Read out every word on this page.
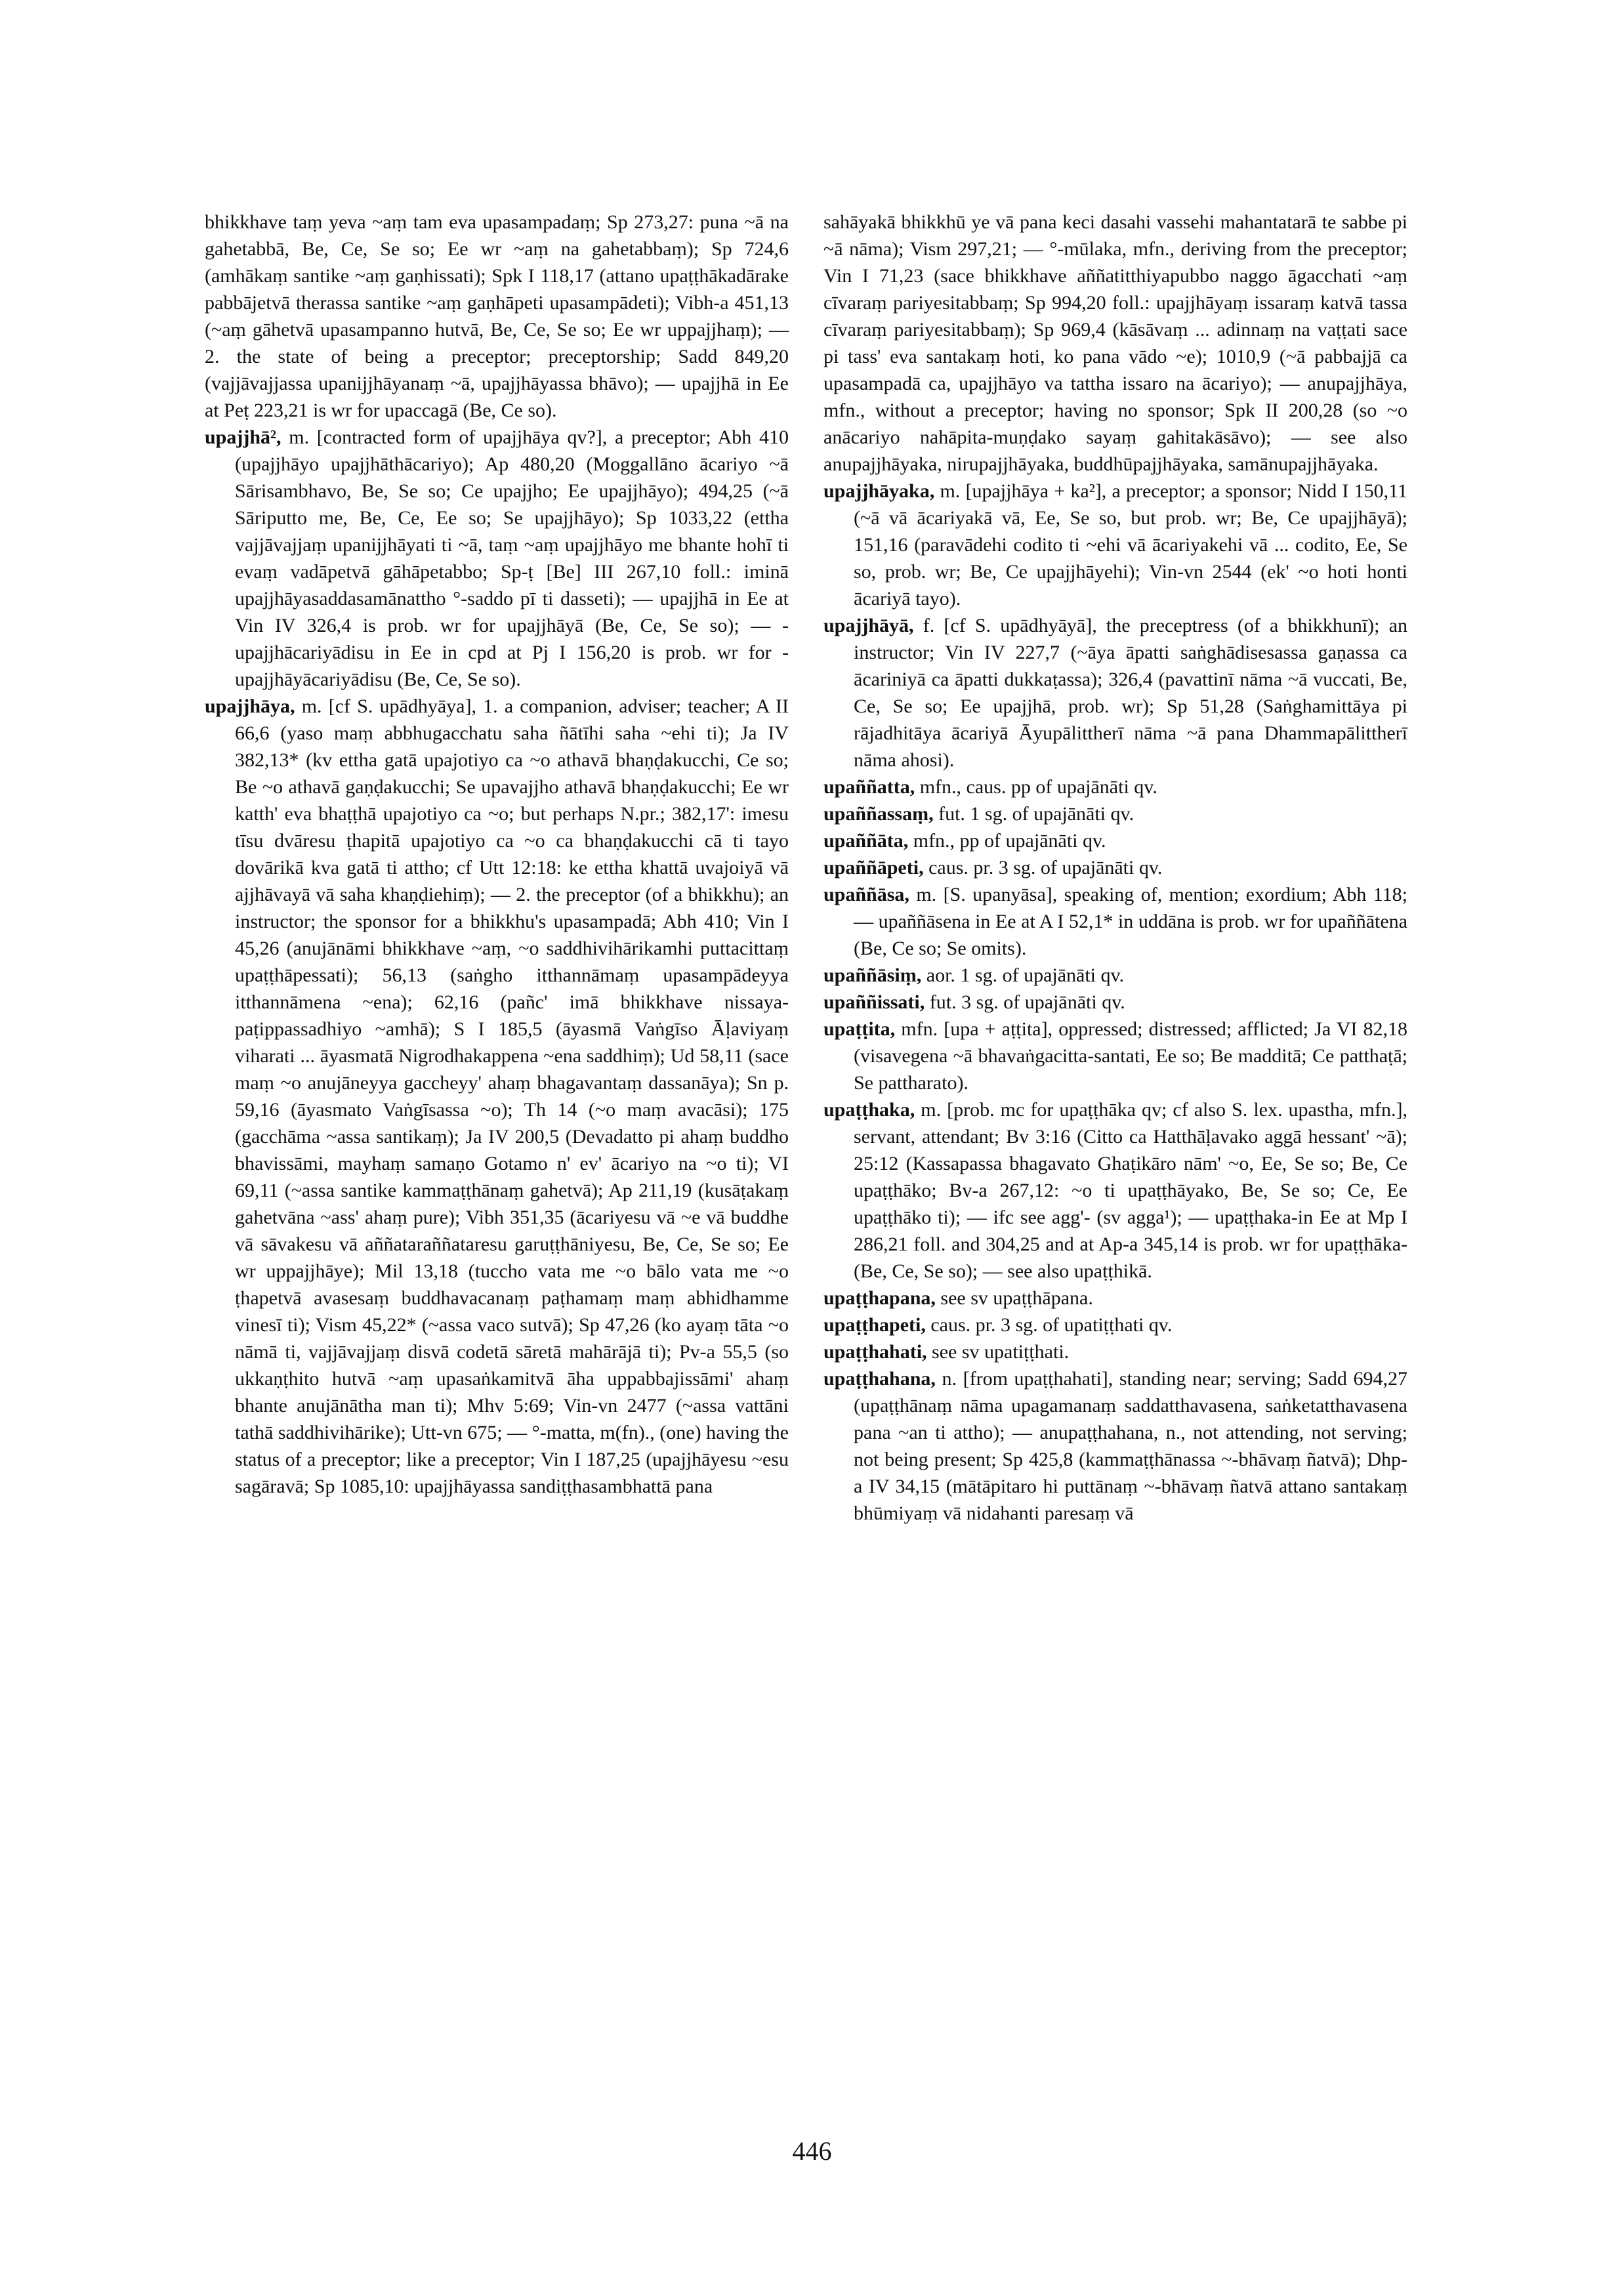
bhikkhave taṃ yeva ~aṃ tam eva upasampadaṃ; Sp 273,27: puna ~ā na gahetabbā, Be, Ce, Se so; Ee wr ~aṃ na gahetabbaṃ); Sp 724,6 (amhākaṃ santike ~aṃ gaṇhissati); Spk I 118,17 (attano upaṭṭhākadārake pabbājetvā therassa santike ~aṃ gaṇhāpeti upasampādeti); Vibh-a 451,13 (~aṃ gāhetvā upasampanno hutvā, Be, Ce, Se so; Ee wr uppajjhaṃ); — 2. the state of being a preceptor; preceptorship; Sadd 849,20 (vajjāvajjassa upanijjhāyanaṃ ~ā, upajjhāyassa bhāvo); — upajjhā in Ee at Peṭ 223,21 is wr for upaccagā (Be, Ce so).

upajjhā², m. [contracted form of upajjhāya qv?], a preceptor; Abh 410 (upajjhāyo upajjhāthācariyo); Ap 480,20 (Moggallāno ācariyo ~ā Sārisambhavo, Be, Se so; Ce upajjho; Ee upajjhāyo); 494,25 (~ā Sāriputto me, Be, Ce, Ee so; Se upajjhāyo); Sp 1033,22 (ettha vajjāvajjaṃ upanijjhāyati ti ~ā, taṃ ~aṃ upajjhāyo me bhante hohī ti evaṃ vadāpetvā gāhāpetabbo; Sp-ṭ [Be] III 267,10 foll.: iminā upajjhāyasaddasamānattho °-saddo pī ti dasseti); — upajjhā in Ee at Vin IV 326,4 is prob. wr for upajjhāyā (Be, Ce, Se so); — -upajjhācariyādisu in Ee in cpd at Pj I 156,20 is prob. wr for -upajjhāyācariyādisu (Be, Ce, Se so).

upajjhāya, m. [cf S. upādhyāya], 1. a companion, adviser; teacher; A II 66,6 (yaso maṃ abbhugacchatu saha ñātīhi saha ~ehi ti); Ja IV 382,13* (kv ettha gatā upajotiyo ca ~o athavā bhaṇḍakucchi, Ce so; Be ~o athavā gaṇḍakucchi; Se upavajjho athavā bhaṇḍakucchi; Ee wr katth' eva bhaṭṭhā upajotiyo ca ~o; but perhaps N.pr.; 382,17': imesu tīsu dvāresu ṭhapitā upajotiyo ca ~o ca bhaṇḍakucchi cā ti tayo dovārikā kva gatā ti attho; cf Utt 12:18: ke ettha khattā uvajoiyā vā ajjhāvayā vā saha khaṇḍiehiṃ); — 2. the preceptor (of a bhikkhu); an instructor; the sponsor for a bhikkhu's upasampadā; Abh 410; Vin I 45,26 (anujānāmi bhikkhave ~aṃ, ~o saddhivihārikamhi puttacittaṃ upaṭṭhāpessati); 56,13 (saṅgho itthannāmaṃ upasampādeyya itthannāmena ~ena); 62,16 (pañc' imā bhikkhave nissaya-paṭippassadhiyo ~amhā); S I 185,5 (āyasmā Vaṅgīso Āḷaviyaṃ viharati ... āyasmatā Nigrodhakappena ~ena saddhiṃ); Ud 58,11 (sace maṃ ~o anujāneyya gaccheyy' ahaṃ bhagavantaṃ dassanāya); Sn p. 59,16 (āyasmato Vaṅgīsassa ~o); Th 14 (~o maṃ avacāsi); 175 (gacchāma ~assa santikaṃ); Ja IV 200,5 (Devadatto pi ahaṃ buddho bhavissāmi, mayhaṃ samaṇo Gotamo n' ev' ācariyo na ~o ti); VI 69,11 (~assa santike kammaṭṭhānaṃ gahetvā); Ap 211,19 (kusāṭakaṃ gahetvāna ~ass' ahaṃ pure); Vibh 351,35 (ācariyesu vā ~e vā buddhe vā sāvakesu vā aññataraññataresu garuṭṭhāniyesu, Be, Ce, Se so; Ee wr uppajjhāye); Mil 13,18 (tuccho vata me ~o bālo vata me ~o ṭhapetvā avasesaṃ buddhavacanaṃ paṭhamaṃ maṃ abhidhamme vinesī ti); Vism 45,22* (~assa vaco sutvā); Sp 47,26 (ko ayaṃ tāta ~o nāmā ti, vajjāvajjaṃ disvā codetā sāretā mahārājā ti); Pv-a 55,5 (so ukkaṇṭhito hutvā ~aṃ upasaṅkamitvā āha uppabbajissāmi' ahaṃ bhante anujānātha man ti); Mhv 5:69; Vin-vn 2477 (~assa vattāni tathā saddhivihārike); Utt-vn 675; — °-matta, m(fn)., (one) having the status of a preceptor; like a preceptor; Vin I 187,25 (upajjhāyesu ~esu sagāravā; Sp 1085,10: upajjhāyassa sandiṭṭhasambhattā pana

sahāyakā bhikkhū ye vā pana keci dasahi vassehi mahantatarā te sabbe pi ~ā nāma); Vism 297,21; — °-mūlaka, mfn., deriving from the preceptor; Vin I 71,23 (sace bhikkhave aññatitthiyapubbo naggo āgacchati ~aṃ cīvaraṃ pariyesitabbaṃ; Sp 994,20 foll.: upajjhāyaṃ issaraṃ katvā tassa cīvaraṃ pariyesitabbaṃ); Sp 969,4 (kāsāvaṃ ... adinnaṃ na vaṭṭati sace pi tass' eva santakaṃ hoti, ko pana vādo ~e); 1010,9 (~ā pabbajjā ca upasampadā ca, upajjhāyo va tattha issaro na ācariyo); — anupajjhāya, mfn., without a preceptor; having no sponsor; Spk II 200,28 (so ~o anācariyo nahāpita-muṇḍako sayaṃ gahitakāsāvo); — see also anupajjhāyaka, nirupajjhāyaka, buddhūpajjhāyaka, samānupajjhāyaka.

upajjhāyaka, m. [upajjhāya + ka²], a preceptor; a sponsor; Nidd I 150,11 (~ā vā ācariyakā vā, Ee, Se so, but prob. wr; Be, Ce upajjhāyā); 151,16 (paravādehi codito ti ~ehi vā ācariyakehi vā ... codito, Ee, Se so, prob. wr; Be, Ce upajjhāyehi); Vin-vn 2544 (ek' ~o hoti honti ācariyā tayo).

upajjhāyā, f. [cf S. upādhyāyā], the preceptress (of a bhikkhunī); an instructor; Vin IV 227,7 (~āya āpatti saṅghādisesassa gaṇassa ca ācariniyā ca āpatti dukkaṭassa); 326,4 (pavattinī nāma ~ā vuccati, Be, Ce, Se so; Ee upajjhā, prob. wr); Sp 51,28 (Saṅghamittāya pi rājadhitāya ācariyā Āyupālittherī nāma ~ā pana Dhammapālittherī nāma ahosi).

upaññatta, mfn., caus. pp of upajānāti qv.

upaññassaṃ, fut. 1 sg. of upajānāti qv.

upaññāta, mfn., pp of upajānāti qv.

upaññāpeti, caus. pr. 3 sg. of upajānāti qv.

upaññāsa, m. [S. upanyāsa], speaking of, mention; exordium; Abh 118; — upaññāsena in Ee at A I 52,1* in uddāna is prob. wr for upaññātena (Be, Ce so; Se omits).

upaññāsiṃ, aor. 1 sg. of upajānāti qv.

upaññissati, fut. 3 sg. of upajānāti qv.

upaṭṭita, mfn. [upa + aṭṭita], oppressed; distressed; afflicted; Ja VI 82,18 (visavegena ~ā bhavaṅgacitta-santati, Ee so; Be madditā; Ce patthaṭā; Se pattharato).

upaṭṭhaka, m. [prob. mc for upaṭṭhāka qv; cf also S. lex. upastha, mfn.], servant, attendant; Bv 3:16 (Citto ca Hatthāḷavako aggā hessant' ~ā); 25:12 (Kassapassa bhagavato Ghaṭikāro nām' ~o, Ee, Se so; Be, Ce upaṭṭhāko; Bv-a 267,12: ~o ti upaṭṭhāyako, Be, Se so; Ce, Ee upaṭṭhāko ti); — ifc see agg'- (sv agga¹); — upaṭṭhaka-in Ee at Mp I 286,21 foll. and 304,25 and at Ap-a 345,14 is prob. wr for upaṭṭhāka- (Be, Ce, Se so); — see also upaṭṭhikā.

upaṭṭhapana, see sv upaṭṭhāpana.

upaṭṭhapeti, caus. pr. 3 sg. of upatiṭṭhati qv.

upaṭṭhahati, see sv upatiṭṭhati.

upaṭṭhahana, n. [from upaṭṭhahati], standing near; serving; Sadd 694,27 (upaṭṭhānaṃ nāma upagamanaṃ saddatthavasena, saṅketatthavasena pana ~an ti attho); — anupaṭṭhahana, n., not attending, not serving; not being present; Sp 425,8 (kammaṭṭhānassa ~-bhāvaṃ ñatvā); Dhp-a IV 34,15 (mātāpitaro hi puttānaṃ ~-bhāvaṃ ñatvā attano santakaṃ bhūmiyaṃ vā nidahanti paresaṃ vā

446
